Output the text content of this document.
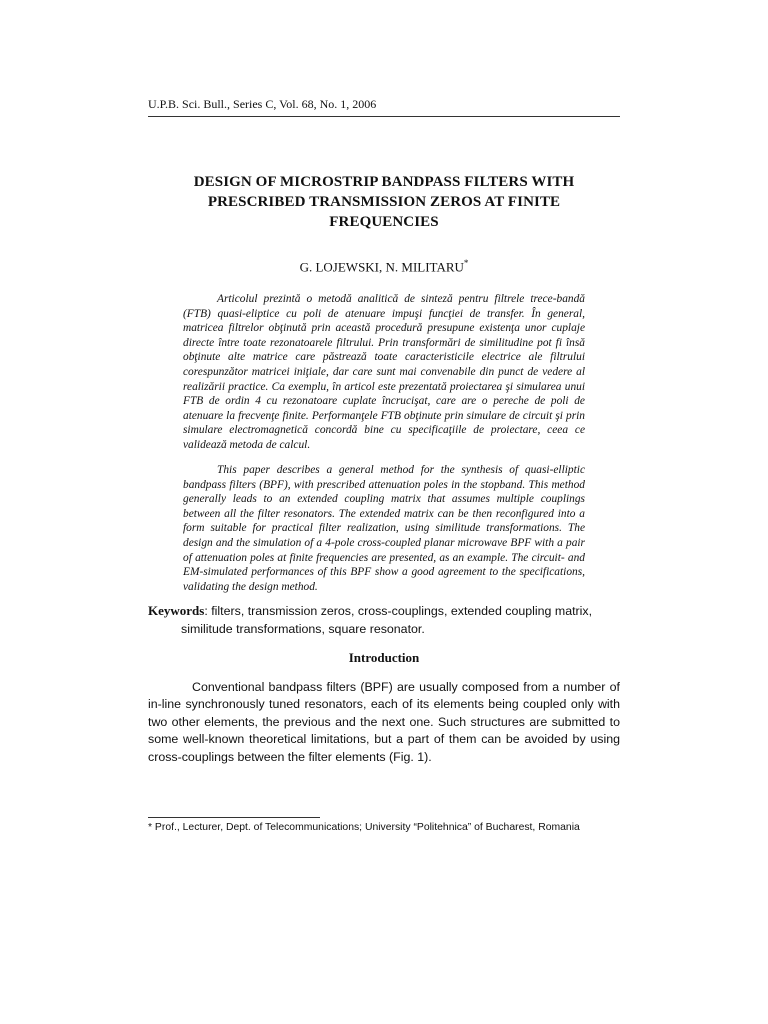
U.P.B. Sci. Bull., Series C, Vol. 68, No. 1, 2006
DESIGN OF MICROSTRIP BANDPASS FILTERS WITH
PRESCRIBED TRANSMISSION ZEROS AT FINITE
FREQUENCIES
G. LOJEWSKI, N. MILITARU*

Articolul prezintă o metodă analitică de sinteză pentru filtrele trece-bandă (FTB) quasi-eliptice cu poli de atenuare impuşi funcţiei de transfer. În general, matricea filtrelor obţinută prin această procedură presupune existenţa unor cuplaje directe între toate rezonatoarele filtrului. Prin transformări de similitudine pot fi însă obţinute alte matrice care păstrează toate caracteristicile electrice ale filtrului corespunzător matricei iniţiale, dar care sunt mai convenabile din punct de vedere al realizării practice. Ca exemplu, în articol este prezentată proiectarea şi simularea unui FTB de ordin 4 cu rezonatoare cuplate încrucişat, care are o pereche de poli de atenuare la frecvenţe finite. Performanţele FTB obţinute prin simulare de circuit şi prin simulare electromagnetică concordă bine cu specificaţiile de proiectare, ceea ce validează metoda de calcul.

This paper describes a general method for the synthesis of quasi-elliptic bandpass filters (BPF), with prescribed attenuation poles in the stopband. This method generally leads to an extended coupling matrix that assumes multiple couplings between all the filter resonators. The extended matrix can be then reconfigured into a form suitable for practical filter realization, using similitude transformations. The design and the simulation of a 4-pole cross-coupled planar microwave BPF with a pair of attenuation poles at finite frequencies are presented, as an example. The circuit- and EM-simulated performances of this BPF show a good agreement to the specifications, validating the design method.

Keywords: filters, transmission zeros, cross-couplings, extended coupling matrix,
similitude transformations, square resonator.
Introduction

Conventional bandpass filters (BPF) are usually composed from a number of in-line synchronously tuned resonators, each of its elements being coupled only with two other elements, the previous and the next one. Such structures are submitted to some well-known theoretical limitations, but a part of them can be avoided by using cross-couplings between the filter elements (Fig. 1).

* Prof., Lecturer, Dept. of Telecommunications; University “Politehnica” of Bucharest, Romania
